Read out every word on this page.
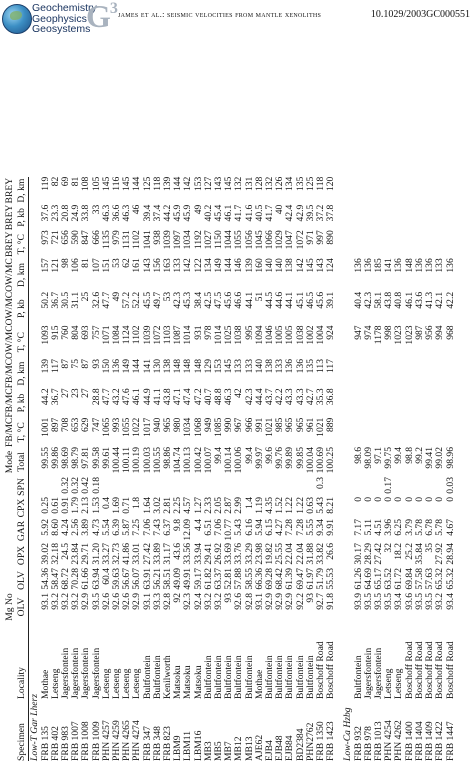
Geochemistry
Geophysics
Geosystems
$G^3$ james et al.: seismic velocities from mantle xenoliths	10.1029/2003GC000551
		Mg No						Mode	FB/MC	FB/MC	FB/MC	OW/MC	OW/MC	OW/MC	BREY	BREY	BREY
Specimen	Locality	OLV	OLV	OPX	GAR	CPX	SPN	Total	T, °C	P, kb	D, km	T, °C	P, kb	D, km	T, °C	P, kb	D, km

Low-T Gar Lherz																	
FRB 135	Mothae	93.1	54.36	39.02	5.92	0.25		99.55	1001	44.2	139	1093	50.2	157	973	37.6	119
FRB 402	Letseng	93.2	58.47	32.18	8.60	0.61		99.86	897	36.7	117	915	36.7	121	721	23.3	82
FRB 983	Jagersfontein	93.2	68.72	24.5	4.24	0.91	0.32	98.69	708	27	87	760	30.5	98	656	20.8	69
FRB 1007	Jagersfontein	93.2	70.28	23.84	2.56	1.79	0.32	98.79	653	23	75	804	31.1	106	590	24.9	81
FRB 1008	Jagersfontein	92.9	61.66	29.71	3.89	2.13	0.42	97.81	629	27	87	693	25	81	847	33.8	108
FRB 1009	Jagersfontein	93.5	63.94	31.20	4.73	1.53	0.18	99.58	747	28.8	93	757	32.6	107	666	33	105
PHN 4257	Letseng	92.6	60.4	33.27	5.54	0.4		99.61	1065	47.7	150	1071	47.7	151	1135	46.3	145
PHN 4259	Letseng	92.6	59.63	32.73	6.39	1.69		100.44	993	43.2	136	1084	49	53	979	36.6	116
PHN 4265	Letseng	92.6	56.67	41.86	5.87	0.71		100.11	1055	47.6	149	1124	57.2	62	1131	46.3	145
PHN 4274	Letseng	92.9	56.07	33.01	7.25	1.8		100.19	1022	46.1	144	1102	52.2	161	1102	46	144
FRB 347	Bultfontein	93.1	63.91	27.42	7.06	1.64		100.03	1017	44.9	141	1039	45.5	143	1041	39.4	125
FRB 348	Bultfontein	93.3	56.21	33.89	7.43	3.02		100.55	940	41.1	130	1072	49.7	156	938	37.4	118
FRB 823	Kenilworth	92.8	58.51	31.17	6.37	2.81		98.86	965	43.8	138	1103	53	163	1039	44.2	139
LBM9	Matsoku	92	49.09	43.6	9.8	2.25		104.74	980	47.1	148	1087	42.3	133	1097	45.9	144
LBM11	Matsoku	92.3	49.91	33.56	12.09	4.57		100.13	1034	47.4	148	1014	45.3	142	1034	45.9	142
LBM16	Matsoku	92.4	59.17	33.94	4.4	1.27		100.42	1068	47.2	148	931	38.4	122	1192	49	153
MB3	Bultfontein	93.2	61.82	29.41	6.51	2.33		100.07	949	40.7	129	978	42.5	134	1027	40.2	127
MB5	Bultfontein	93.2	63.37	26.92	7.06	2.05		99.4	1085	48.8	153	1014	47.5	149	1150	45.4	143
MB7	Bultfontein	93	52.81	33.69	10.77	2.87		100.14	990	46.3	145	1025	45.6	144	1044	46.1	145
MB12	Bultfontein	92.6	57.88	33.76	5.43	2.99		100.06	967	42	133	1038	46.6	146	1055	41.7	132
MB13	Bultfontein	92.8	58.55	33.29	6.16	1.4		99.4	966	42.3	133	995	44.1	139	1056	41.6	131
AJE62	Mothae	93.1	66.36	23.98	5.94	1.19		99.97	991	44.4	140	1094	51	160	1045	40.5	128
EJB4	Bultfontein	92.9	69.28	19.82	6.15	4.35		99.6	1021	43.7	138	1046	44.5	140	1066	41.7	132
EJB48	Bultfontein	92.9	68.42	25.55	4.27	1.52		99.76	985	42.2	133	1005	44.6	140	1029	40	126
EJB84	Bultfontein	92.9	61.39	22.04	7.28	1.22		99.89	965	43.3	136	1005	44.1	138	1047	42.4	134
BD2384	Bultfontein	92.2	69.47	22.04	7.28	1.22		99.85	965	43.3	136	1038	45.1	142	1072	42.9	135
PHN2762	Bultfontein	93	61.97	31.88	5.55	0.63		100.04	961	42.7	135	1002	46.5	145	971	39.5	125
FRB 1350	Boschoff Road	92.7	51.79	33.82	9.34	5.43	0.3	100.69	1021	35.3	113	1004	45.6	143	997	37.2	118
FRB 1423	Boschoff Road	91.8	55.53	26.6	9.91	8.21		100.25	889	36.8	117	924	39.1	124	890	37.8	120

Low-Ca Hzbg																	
FRB 932	Bultfontein	93.9	61.26	30.17	7.17	0		98.6				947	40.4	136			
FRB 978	Jagersfontein	93.5	64.69	28.29	5.11	0		98.09				974	42.3	136			
FRB 1013	Jagersfontein	93.5	65.17	27.42	4.51	0		97.1				1178	58.1	185			
PHN 4254	Letseng	93.5	63.52	32	3.96	0	0.17	99.75				998	43.8	141			
PHN 4262	Letseng	93.4	61.72	18.2	6.25	0		99.4				1023	40.8	136			
FRB 1400	Boschoff Road	93.6	69.84	25.2	3.79	0		98.8				1023	46.1	148			
FRB 1404	Boschoff Road	93.5	57.58	35.84	5.78	0		99.2				987	43.6	136			
FRB 1409	Boschoff Road	93.5	57.63	35	6.78	0		99.41				956	41.3	136			
FRB 1422	Boschoff Road	93.2	65.32	27.92	5.78	0		99.02				994	42.1	133			
FRB 1447	Boschoff Road	93.4	65.32	28.94	4.67	0	0.03	98.96				968	42.2	136			
